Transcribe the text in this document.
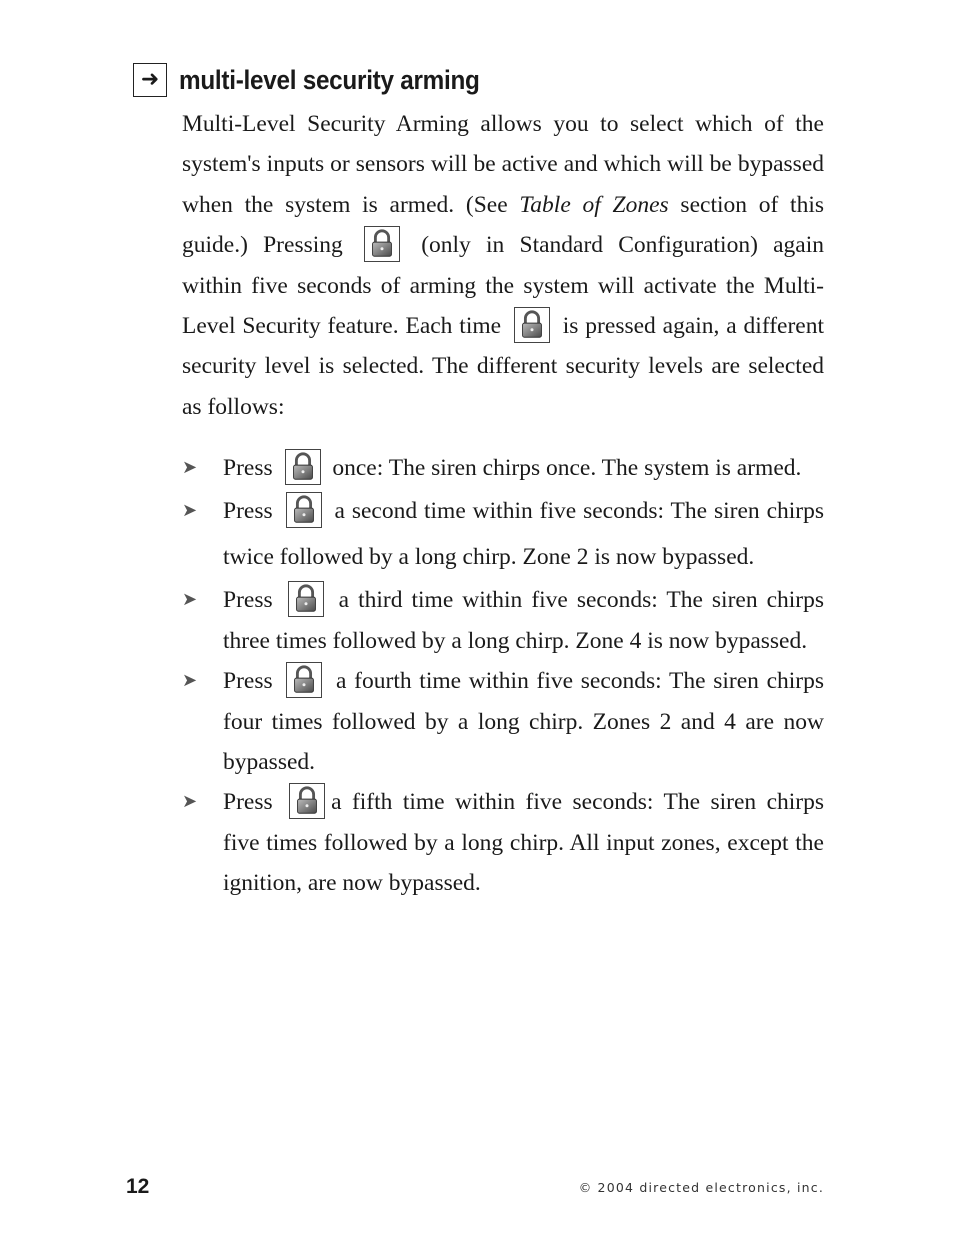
➜ multi-level security arming

Multi-Level Security Arming allows you to select which of the system's inputs or sensors will be active and which will be bypassed when the system is armed. (See Table of Zones section of this guide.) Pressing	(only in Standard Configuration) again within five seconds of arming the system will activate the Multi-Level Security feature. Each time	is pressed again, a different security level is selected. The different security levels are selected as follows:

➤ Press	once: The siren chirps once. The system is armed.
➤ Press	a second time within five seconds: The siren chirps twice followed by a long chirp. Zone 2 is now bypassed.
➤ Press	a third time within five seconds: The siren chirps three times followed by a long chirp. Zone 4 is now bypassed.
➤ Press	a fourth time within five seconds: The siren chirps four times followed by a long chirp. Zones 2 and 4 are now bypassed.
➤ Press a fifth time within five seconds: The siren chirps five times followed by a long chirp. All input zones, except the ignition, are now bypassed.
12	© 2004 directed electronics, inc.
